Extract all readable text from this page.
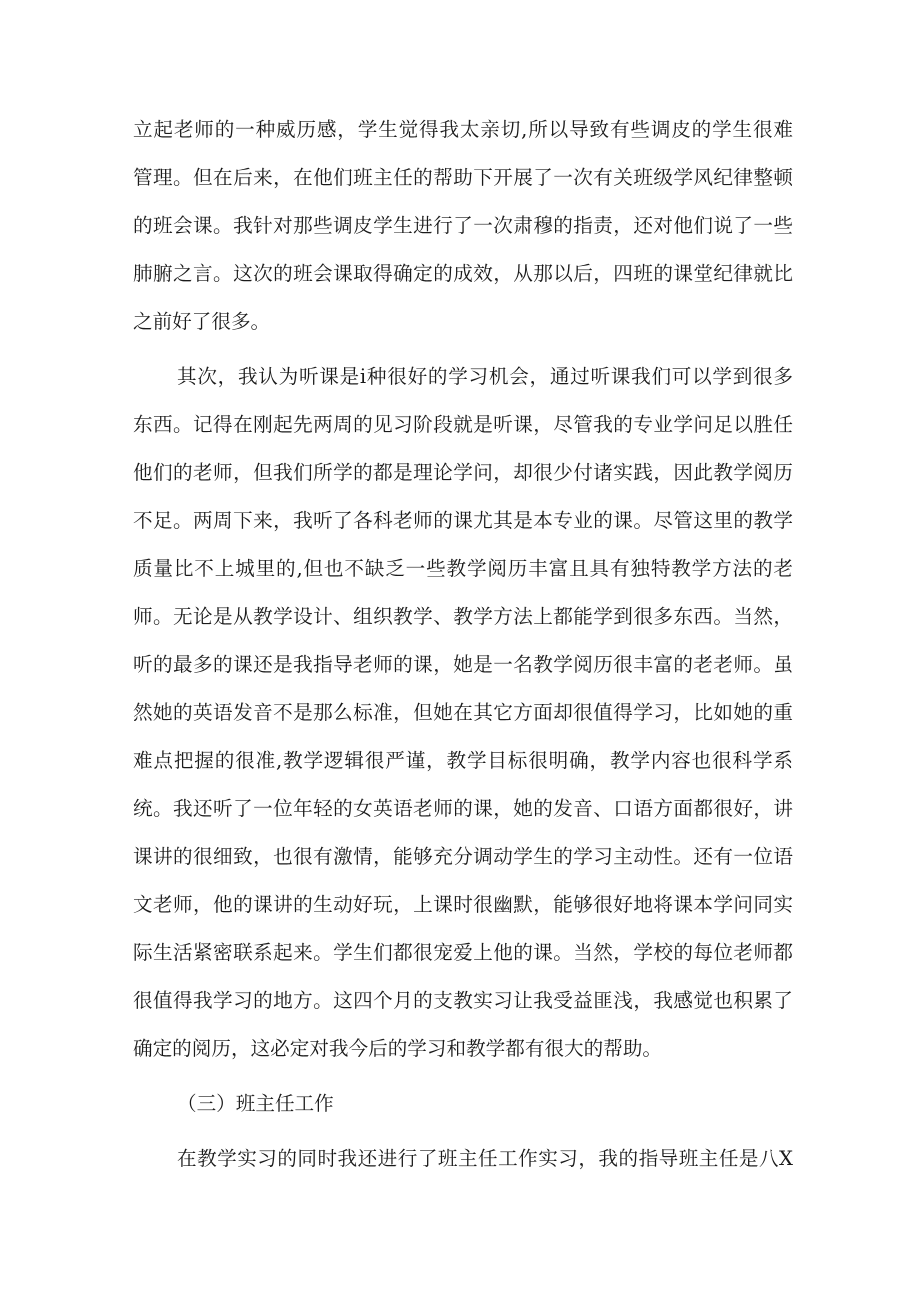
立起老师的一种威历感，学生觉得我太亲切,所以导致有些调皮的学生很难
管理。但在后来，在他们班主任的帮助下开展了一次有关班级学风纪律整顿
的班会课。我针对那些调皮学生进行了一次肃穆的指责，还对他们说了一些
肺腑之言。这次的班会课取得确定的成效，从那以后，四班的课堂纪律就比
之前好了很多。
其次，我认为听课是i种很好的学习机会，通过听课我们可以学到很多
东西。记得在刚起先两周的见习阶段就是听课，尽管我的专业学问足以胜任
他们的老师，但我们所学的都是理论学问，却很少付诸实践，因此教学阅历
不足。两周下来，我听了各科老师的课尤其是本专业的课。尽管这里的教学
质量比不上城里的,但也不缺乏一些教学阅历丰富且具有独特教学方法的老
师。无论是从教学设计、组织教学、教学方法上都能学到很多东西。当然，
听的最多的课还是我指导老师的课，她是一名教学阅历很丰富的老老师。虽
然她的英语发音不是那么标准，但她在其它方面却很值得学习，比如她的重
难点把握的很准,教学逻辑很严谨，教学目标很明确，教学内容也很科学系
统。我还听了一位年轻的女英语老师的课，她的发音、口语方面都很好，讲
课讲的很细致，也很有激情，能够充分调动学生的学习主动性。还有一位语
文老师，他的课讲的生动好玩，上课时很幽默，能够很好地将课本学问同实
际生活紧密联系起来。学生们都很宠爱上他的课。当然，学校的每位老师都
很值得我学习的地方。这四个月的支教实习让我受益匪浅，我感觉也积累了
确定的阅历，这必定对我今后的学习和教学都有很大的帮助。
（三）班主任工作
在教学实习的同时我还进行了班主任工作实习，我的指导班主任是八X
